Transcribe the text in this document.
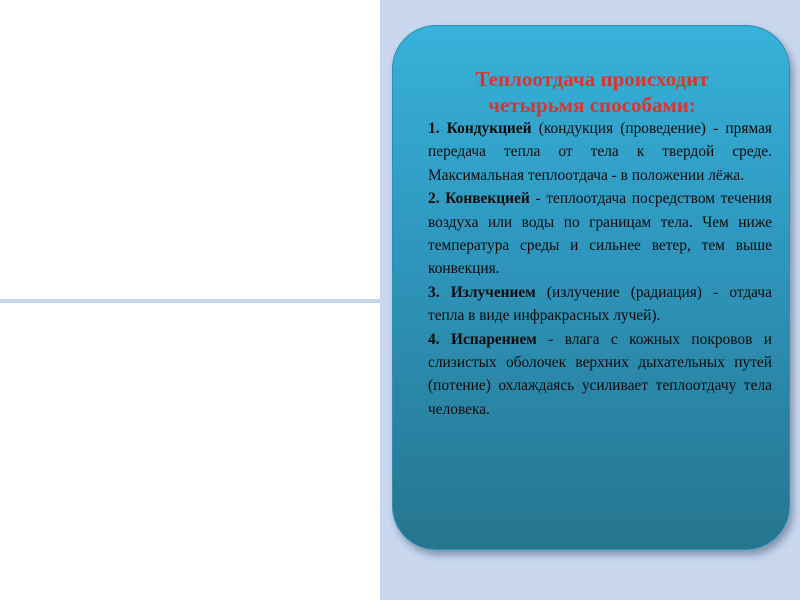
Теплоотдача происходит
четырьмя способами:
1. Кондукцией (кондукция (проведение) - прямая передача тепла от тела к твердой среде. Максимальная теплоотдача - в положении лёжа.
2. Конвекцией - теплоотдача посредством течения воздуха или воды по границам тела. Чем ниже температура среды и сильнее ветер, тем выше конвекция.
3. Излучением (излучение (радиация) - отдача тепла в виде инфракрасных лучей).
4. Испарением - влага с кожных покровов и слизистых оболочек верхних дыхательных путей (потение) охлаждаясь усиливает теплоотдачу тела человека.
